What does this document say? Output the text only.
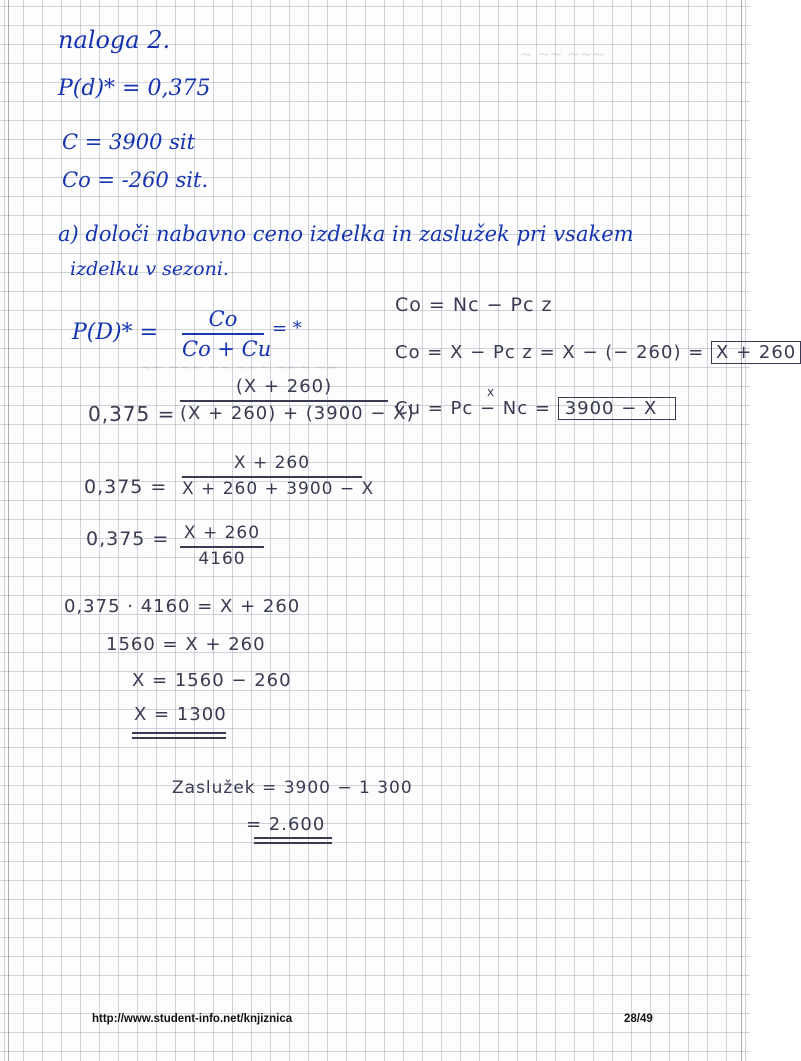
~ ~~ ~~~
~~ ~~~ ~~ ~~~ ~~~ ~~
naloga 2.
P(d)* = 0,375
C = 3900 sit
Co = -260 sit.
a) določi nabavno ceno izdelka in zaslužek pri vsakem
izdelku v sezoni.
P(D)* =
Co
Co + Cu
= *
Co = Nc − Pc z
Co = X − Pc z = X − (− 260) = X + 260
Cu = Pc − Nc = 3900 − X
x
0,375 =
(X + 260)
(X + 260) + (3900 − X)
0,375 =
X + 260
X + 260 + 3900 − X
0,375 = X + 260
4160
0,375 · 4160 = X + 260
1560 = X + 260
X = 1560 − 260
X = 1300
Zaslužek = 3900 − 1 300
= 2.600
http://www.student-info.net/knjiznica	28/49
